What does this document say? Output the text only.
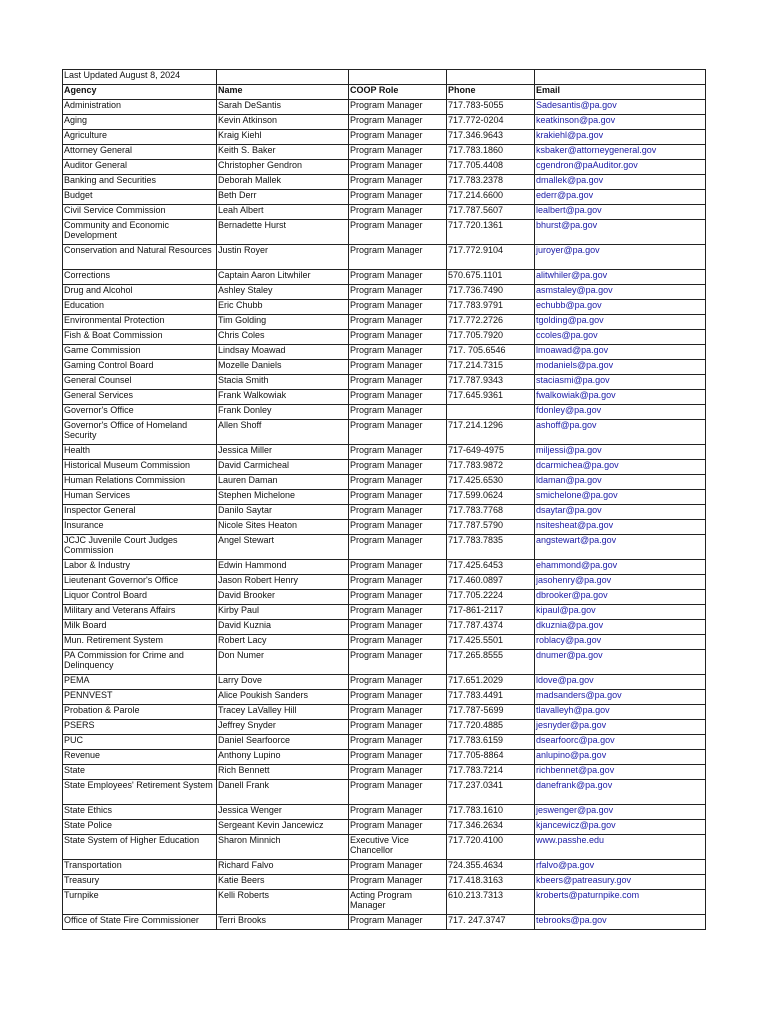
Last Updated August 8, 2024				
Agency	Name	COOP Role	Phone	Email
Administration	Sarah DeSantis	Program Manager	717.783-5055	Sadesantis@pa.gov
Aging	Kevin Atkinson	Program Manager	717.772-0204	keatkinson@pa.gov
Agriculture	Kraig Kiehl	Program Manager	717.346.9643	krakiehl@pa.gov
Attorney General	Keith S. Baker	Program Manager	717.783.1860	ksbaker@attorneygeneral.gov
Auditor General	Christopher Gendron	Program Manager	717.705.4408	cgendron@paAuditor.gov
Banking and Securities	Deborah Mallek	Program Manager	717.783.2378	dmallek@pa.gov
Budget	Beth Derr	Program Manager	717.214.6600	ederr@pa.gov
Civil Service Commission	Leah Albert	Program Manager	717.787.5607	lealbert@pa.gov
Community and Economic Development	Bernadette Hurst	Program Manager	717.720.1361	bhurst@pa.gov
Conservation and Natural Resources	Justin Royer	Program Manager	717.772.9104	juroyer@pa.gov
Corrections	Captain Aaron Litwhiler	Program Manager	570.675.1101	alitwhiler@pa.gov
Drug and Alcohol	Ashley Staley	Program Manager	717.736.7490	asmstaley@pa.gov
Education	Eric Chubb	Program Manager	717.783.9791	echubb@pa.gov
Environmental Protection	Tim Golding	Program Manager	717.772.2726	tgolding@pa.gov
Fish & Boat Commission	Chris Coles	Program Manager	717.705.7920	ccoles@pa.gov
Game Commission	Lindsay Moawad	Program Manager	717. 705.6546	lmoawad@pa.gov
Gaming Control Board	Mozelle Daniels	Program Manager	717.214.7315	modaniels@pa.gov
General Counsel	Stacia Smith	Program Manager	717.787.9343	staciasmi@pa.gov
General Services	Frank Walkowiak	Program Manager	717.645.9361	fwalkowiak@pa.gov
Governor's Office	Frank Donley	Program Manager		fdonley@pa.gov
Governor's Office of Homeland Security	Allen Shoff	Program Manager	717.214.1296	ashoff@pa.gov
Health	Jessica Miller	Program Manager	717-649-4975	miljessi@pa.gov
Historical Museum Commission	David Carmicheal	Program Manager	717.783.9872	dcarmichea@pa.gov
Human Relations Commission	Lauren Daman	Program Manager	717.425.6530	ldaman@pa.gov
Human Services	Stephen Michelone	Program Manager	717.599.0624	smichelone@pa.gov
Inspector General	Danilo Saytar	Program Manager	717.783.7768	dsaytar@pa.gov
Insurance	Nicole Sites Heaton	Program Manager	717.787.5790	nsitesheat@pa.gov
JCJC Juvenile Court Judges Commission	Angel Stewart	Program Manager	717.783.7835	angstewart@pa.gov
Labor & Industry	Edwin Hammond	Program Manager	717.425.6453	ehammond@pa.gov
Lieutenant Governor's Office	Jason Robert Henry	Program Manager	717.460.0897	jasohenry@pa.gov
Liquor Control Board	David Brooker	Program Manager	717.705.2224	dbrooker@pa.gov
Military and Veterans Affairs	Kirby Paul	Program Manager	717-861-2117	kipaul@pa.gov
Milk Board	David Kuznia	Program Manager	717.787.4374	dkuznia@pa.gov
Mun. Retirement System	Robert Lacy	Program Manager	717.425.5501	roblacy@pa.gov
PA Commission for Crime and Delinquency	Don Numer	Program Manager	717.265.8555	dnumer@pa.gov
PEMA	Larry Dove	Program Manager	717.651.2029	ldove@pa.gov
PENNVEST	Alice Poukish Sanders	Program Manager	717.783.4491	madsanders@pa.gov
Probation & Parole	Tracey LaValley Hill	Program Manager	717.787-5699	tlavalleyh@pa.gov
PSERS	Jeffrey Snyder	Program Manager	717.720.4885	jesnyder@pa.gov
PUC	Daniel Searfoorce	Program Manager	717.783.6159	dsearfoorc@pa.gov
Revenue	Anthony Lupino	Program Manager	717.705-8864	anlupino@pa.gov
State	Rich Bennett	Program Manager	717.783.7214	richbennet@pa.gov
State Employees' Retirement System	Danell Frank	Program Manager	717.237.0341	danefrank@pa.gov
State Ethics	Jessica Wenger	Program Manager	717.783.1610	jeswenger@pa.gov
State Police	Sergeant Kevin Jancewicz	Program Manager	717.346.2634	kjancewicz@pa.gov
State System of Higher Education	Sharon Minnich	Executive Vice Chancellor	717.720.4100	www.passhe.edu
Transportation	Richard Falvo	Program Manager	724.355.4634	rfalvo@pa.gov
Treasury	Katie Beers	Program Manager	717.418.3163	kbeers@patreasury.gov
Turnpike	Kelli Roberts	Acting Program Manager	610.213.7313	kroberts@paturnpike.com
Office of State Fire Commissioner	Terri Brooks	Program Manager	717. 247.3747	tebrooks@pa.gov
